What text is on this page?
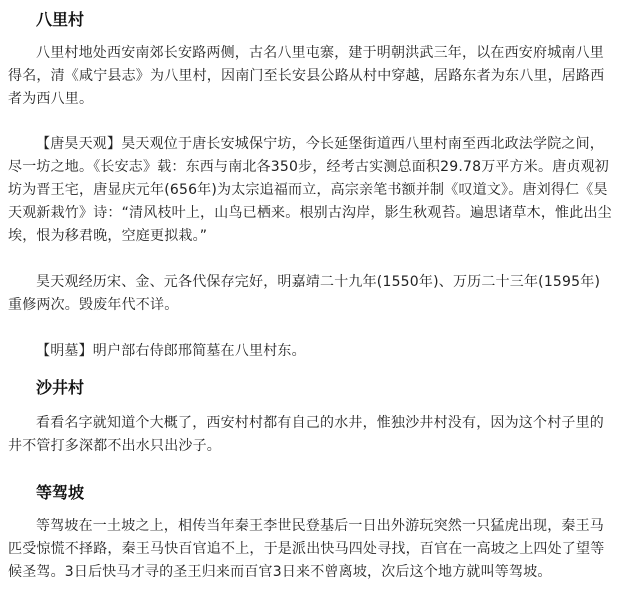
八里村

八里村地处西安南郊长安路两侧，古名八里屯寨，建于明朝洪武三年，以在西安府城南八里得名，清《咸宁县志》为八里村，因南门至长安县公路从村中穿越，居路东者为东八里，居路西者为西八里。

【唐昊天观】昊天观位于唐长安城保宁坊，今长延堡街道西八里村南至西北政法学院之间，尽一坊之地。《长安志》载：东西与南北各350步，经考古实测总面积29.78万平方米。唐贞观初坊为晋王宅，唐显庆元年(656年)为太宗追福而立，高宗亲笔书额并制《叹道文》。唐刘得仁《昊天观新栽竹》诗：“清风枝叶上，山鸟已栖来。根别古沟岸，影生秋观苔。遍思诸草木，惟此出尘埃，恨为移君晚，空庭更拟栽。”

昊天观经历宋、金、元各代保存完好，明嘉靖二十九年(1550年)、万历二十三年(1595年)重修两次。毁废年代不详。

【明墓】明户部右侍郎邢简墓在八里村东。

沙井村

看看名字就知道个大概了，西安村村都有自己的水井，惟独沙井村没有，因为这个村子里的井不管打多深都不出水只出沙子。

等驾坡

等驾坡在一土坡之上，相传当年秦王李世民登基后一日出外游玩突然一只猛虎出现，秦王马匹受惊慌不择路，秦王马快百官追不上，于是派出快马四处寻找，百官在一高坡之上四处了望等候圣驾。3日后快马才寻的圣王归来而百官3日来不曾离坡，次后这个地方就叫等驾坡。
